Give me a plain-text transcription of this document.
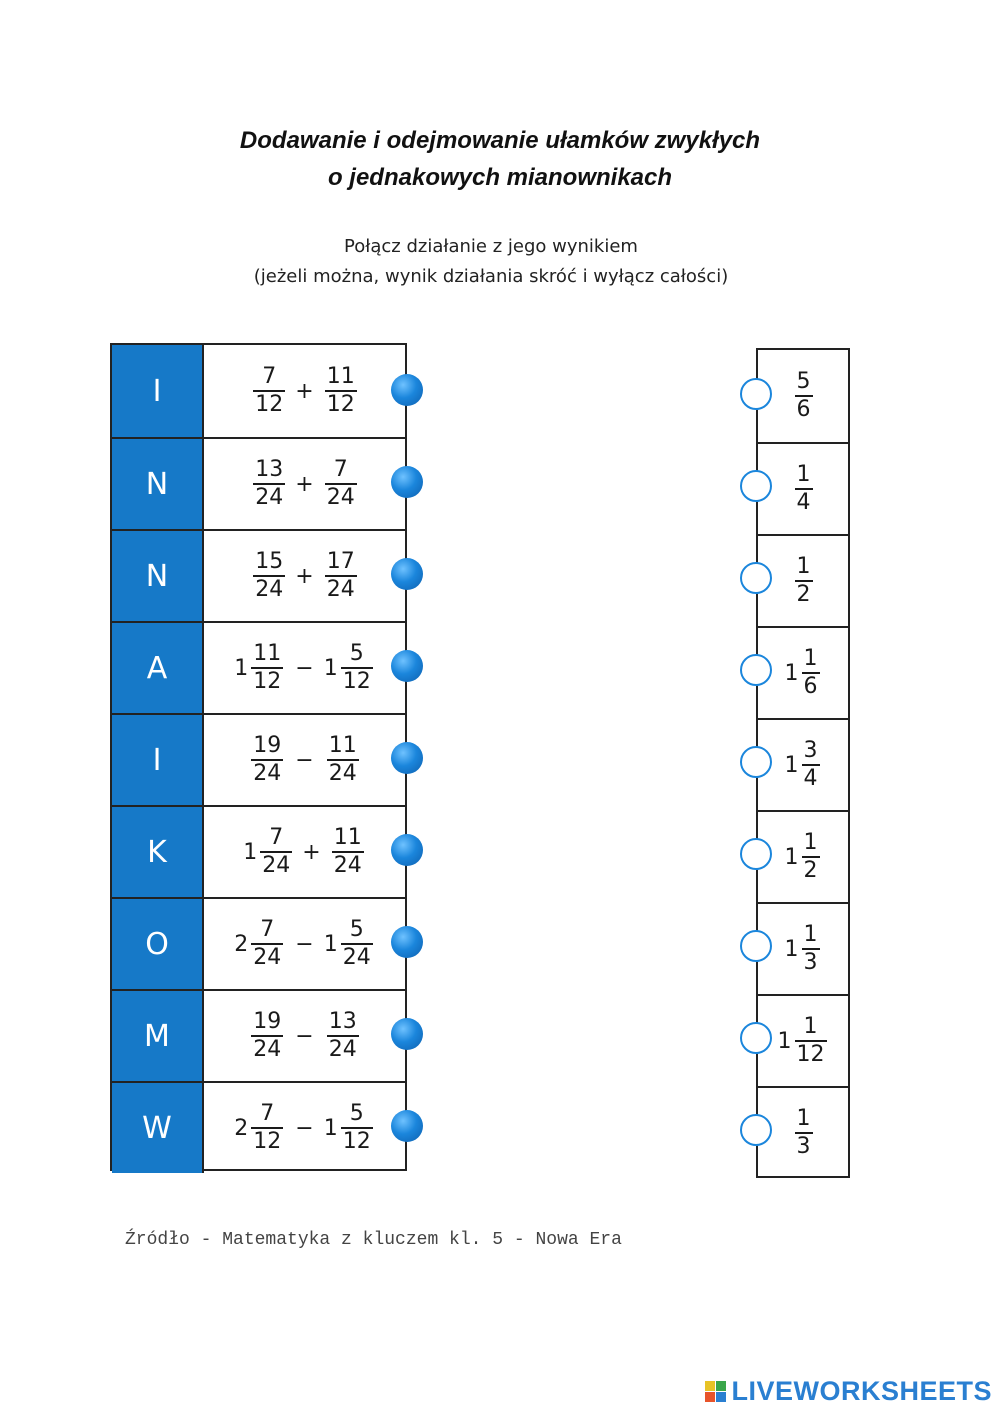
Dodawanie i odejmowanie ułamków zwykłych
o jednakowych mianownikach
Połącz działanie z jego wynikiem
(jeżeli można, wynik działania skróć i wyłącz całości)
I	$\frac{7}{12} + \frac{11}{12}$
N	$\frac{13}{24} + \frac{7}{24}$
N	$\frac{15}{24} + \frac{17}{24}$
A	$1 \frac{11}{12} - 1 \frac{5}{12}$
I	$\frac{19}{24} - \frac{11}{24}$
K	$1 \frac{7}{24} + \frac{11}{24}$
O	$2 \frac{7}{24} - 1 \frac{5}{24}$
M	$\frac{19}{24} - \frac{13}{24}$
W	$2 \frac{7}{12} - 1 \frac{5}{12}$
$\frac{5}{6}$
$\frac{1}{4}$
$\frac{1}{2}$
$1 \frac{1}{6}$
$1 \frac{3}{4}$
$1 \frac{1}{2}$
$1 \frac{1}{3}$
$1 \frac{1}{12}$
$\frac{1}{3}$
Źródło - Matematyka z kluczem kl. 5 - Nowa Era
LIVEWORKSHEETS
